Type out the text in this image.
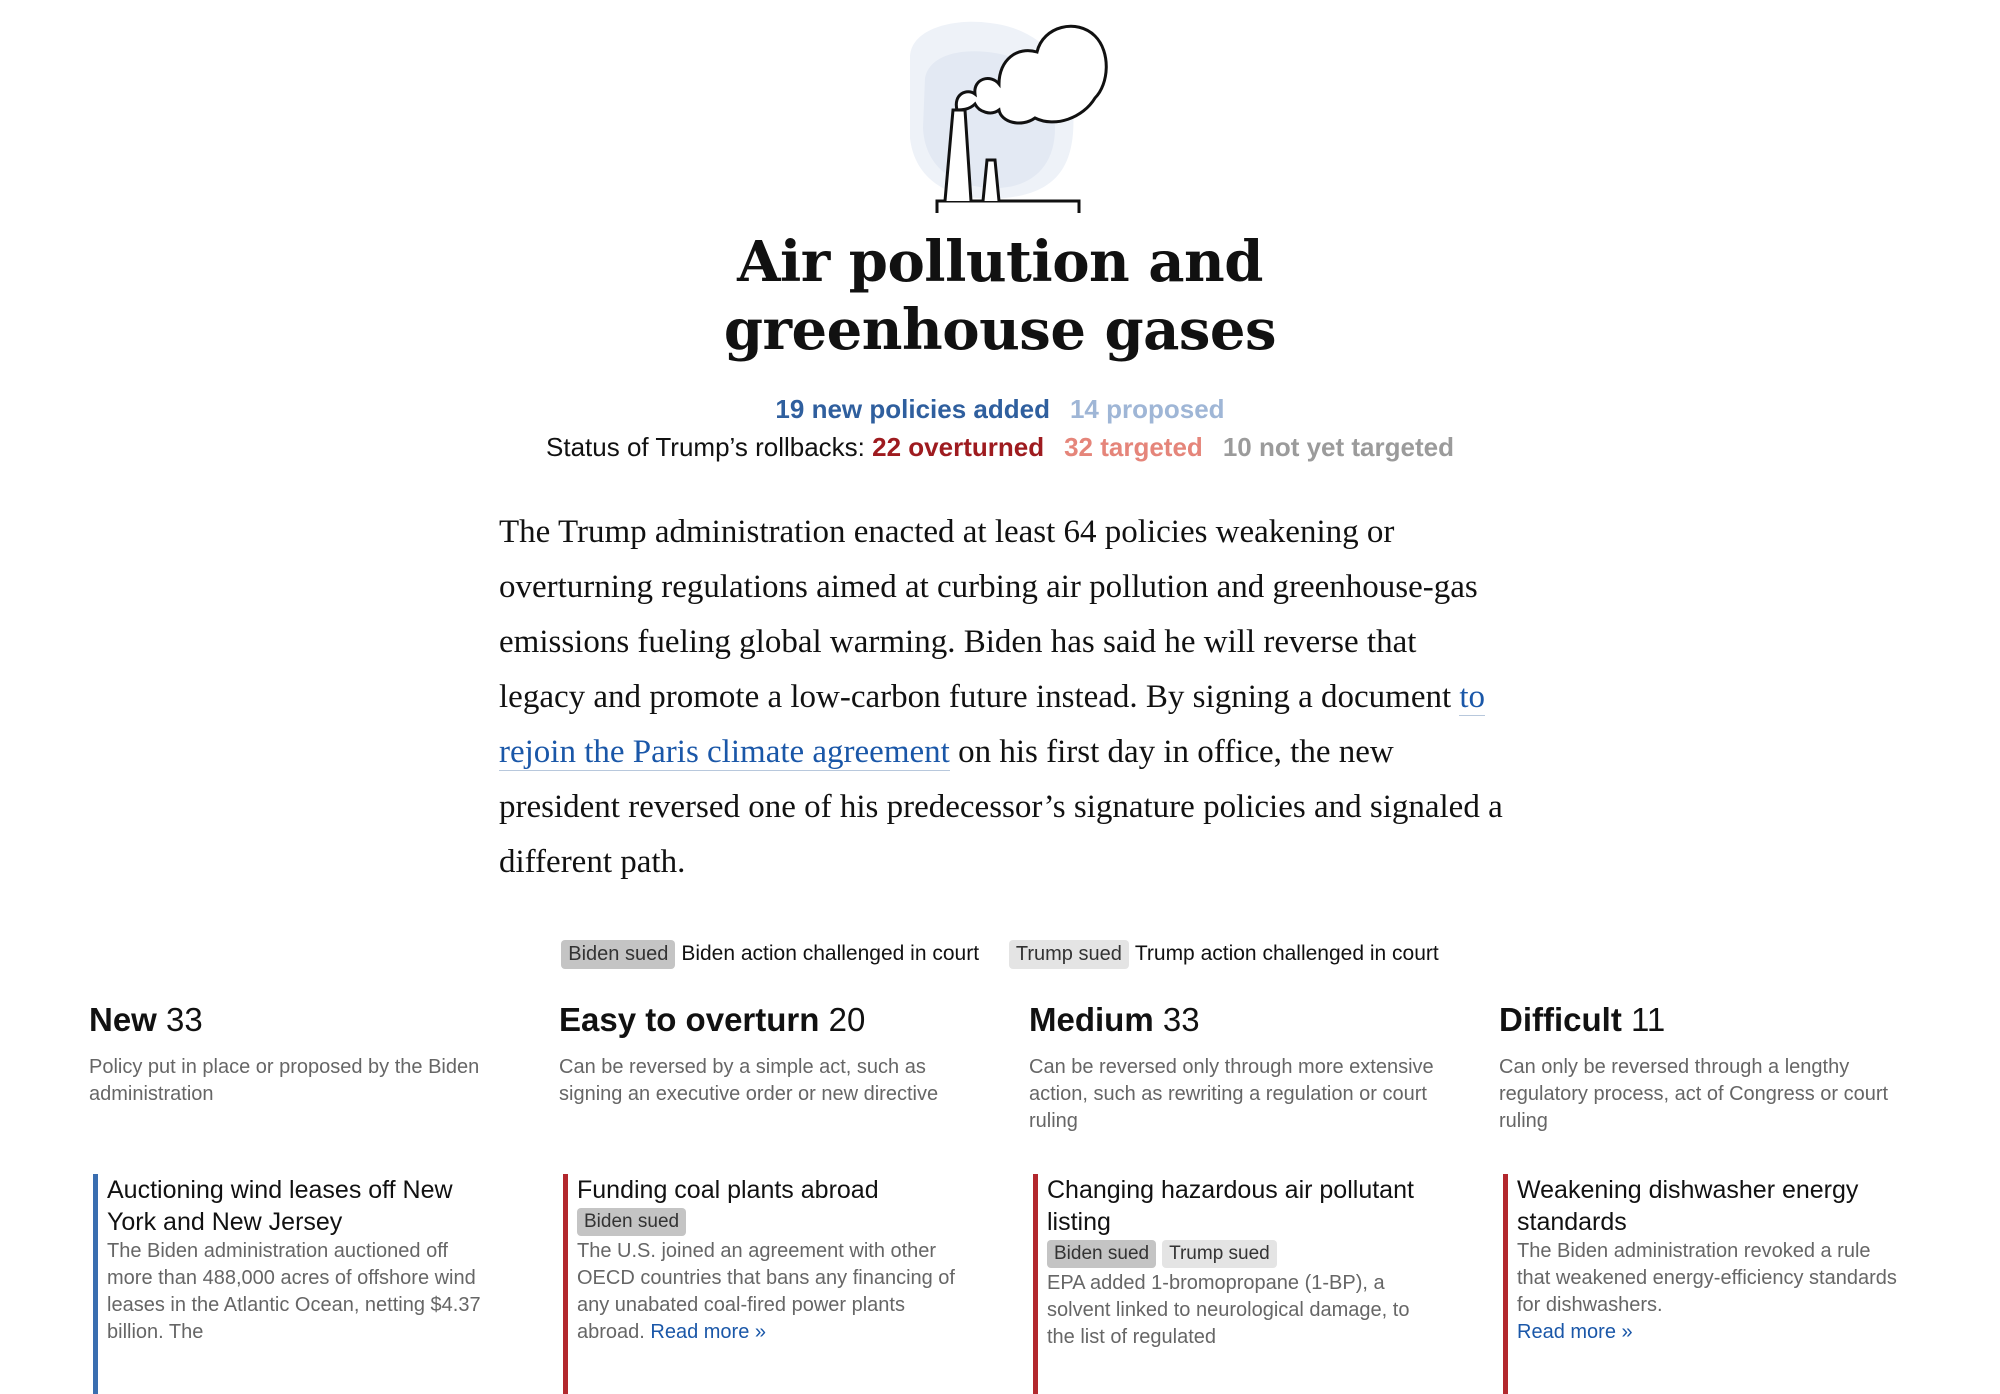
Air pollution and
greenhouse gases
19 new policies added 14 proposed
Status of Trump’s rollbacks: 22 overturned 32 targeted 10 not yet targeted
The Trump administration enacted at least 64 policies weakening or overturning regulations aimed at curbing air pollution and greenhouse-gas emissions fueling global warming. Biden has said he will reverse that legacy and promote a low-carbon future instead. By signing a document to rejoin the Paris climate agreement on his first day in office, the new president reversed one of his predecessor’s signature policies and signaled a different path.
Biden sued Biden action challenged in court Trump sued Trump action challenged in court
New 33
Policy put in place or proposed by the Biden administration
Auctioning wind leases off New York and New Jersey
The Biden administration auctioned off more than 488,000 acres of offshore wind leases in the Atlantic Ocean, netting $4.37 billion. The
Easy to overturn 20
Can be reversed by a simple act, such as signing an executive order or new directive
Funding coal plants abroad
Biden sued
The U.S. joined an agreement with other OECD countries that bans any financing of any unabated coal-fired power plants abroad. Read more »
Medium 33
Can be reversed only through more extensive action, such as rewriting a regulation or court ruling
Changing hazardous air pollutant listing
Biden sued Trump sued
EPA added 1-bromopropane (1-BP), a solvent linked to neurological damage, to the list of regulated
Difficult 11
Can only be reversed through a lengthy regulatory process, act of Congress or court ruling
Weakening dishwasher energy standards
The Biden administration revoked a rule that weakened energy-efficiency standards for dishwashers.
Read more »
